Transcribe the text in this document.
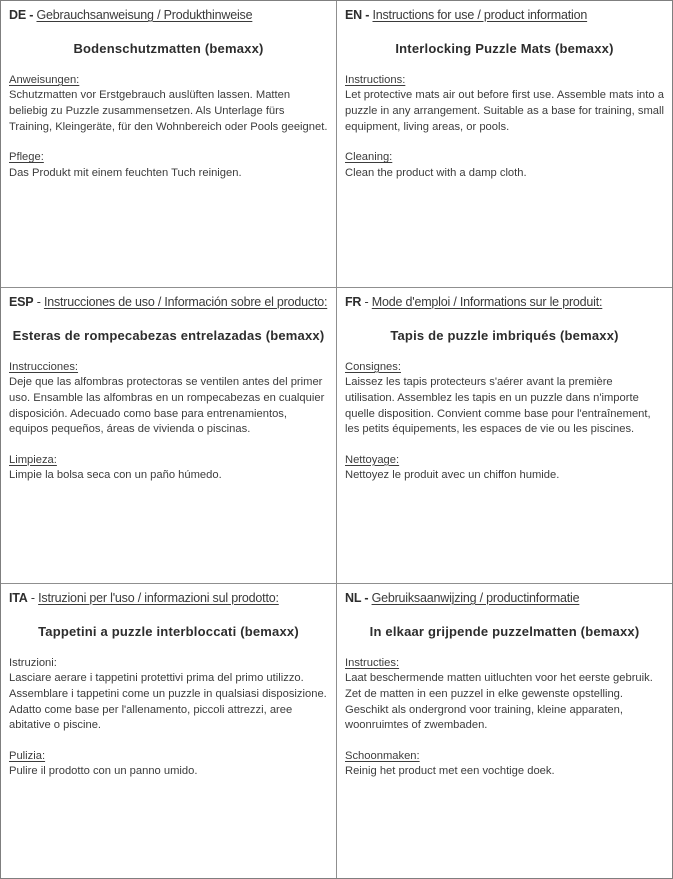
DE - Gebrauchsanweisung / Produkthinweise
Bodenschutzmatten (bemaxx)
Anweisungen:

Schutzmatten vor Erstgebrauch auslüften lassen. Matten beliebig zu Puzzle zusammensetzen. Als Unterlage fürs Training, Kleingeräte, für den Wohnbereich oder Pools geeignet.

Pflege:

Das Produkt mit einem feuchten Tuch reinigen.

EN - Instructions for use / product information
Interlocking Puzzle Mats (bemaxx)
Instructions:

Let protective mats air out before first use. Assemble mats into a puzzle in any arrangement. Suitable as a base for training, small equipment, living areas, or pools.

Cleaning:

Clean the product with a damp cloth.

ESP - Instrucciones de uso / Información sobre el producto:
Esteras de rompecabezas entrelazadas (bemaxx)
Instrucciones:

Deje que las alfombras protectoras se ventilen antes del primer uso. Ensamble las alfombras en un rompecabezas en cualquier disposición. Adecuado como base para entrenamientos, equipos pequeños, áreas de vivienda o piscinas.

Limpieza:

Limpie la bolsa seca con un paño húmedo.

FR - Mode d'emploi / Informations sur le produit:
Tapis de puzzle imbriqués (bemaxx)
Consignes:

Laissez les tapis protecteurs s'aérer avant la première utilisation. Assemblez les tapis en un puzzle dans n'importe quelle disposition. Convient comme base pour l'entraînement, les petits équipements, les espaces de vie ou les piscines.

Nettoyage:

Nettoyez le produit avec un chiffon humide.

ITA - Istruzioni per l'uso / informazioni sul prodotto:
Tappetini a puzzle interbloccati (bemaxx)
Istruzioni:

Lasciare aerare i tappetini protettivi prima del primo utilizzo. Assemblare i tappetini come un puzzle in qualsiasi disposizione. Adatto come base per l'allenamento, piccoli attrezzi, aree abitative o piscine.

Pulizia:

Pulire il prodotto con un panno umido.

NL - Gebruiksaanwijzing / productinformatie
In elkaar grijpende puzzelmatten (bemaxx)
Instructies:

Laat beschermende matten uitluchten voor het eerste gebruik. Zet de matten in een puzzel in elke gewenste opstelling. Geschikt als ondergrond voor training, kleine apparaten, woonruimtes of zwembaden.

Schoonmaken:

Reinig het product met een vochtige doek.
